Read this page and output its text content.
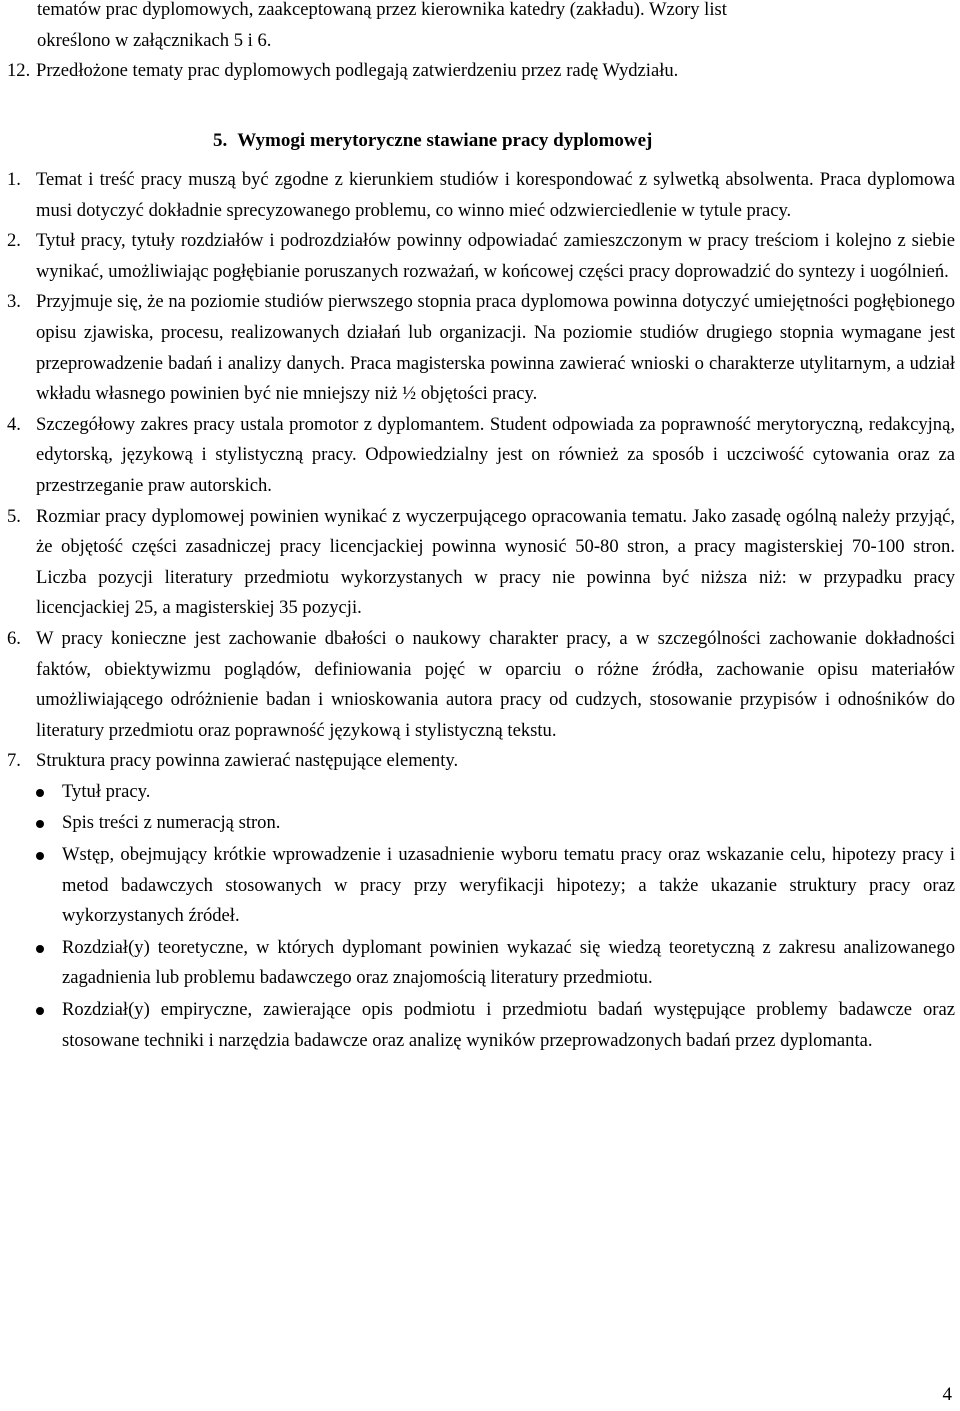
tematów prac dyplomowych, zaakceptowaną przez kierownika katedry (zakładu). Wzory list
określono w załącznikach 5 i 6.

12. Przedłożone tematy prac dyplomowych podlegają zatwierdzeniu przez radę Wydziału.

5. Wymogi merytoryczne stawiane pracy dyplomowej
1. Temat i treść pracy muszą być zgodne z kierunkiem studiów i korespondować z sylwetką absolwenta. Praca dyplomowa musi dotyczyć dokładnie sprecyzowanego problemu, co winno mieć odzwierciedlenie w tytule pracy.
2. Tytuł pracy, tytuły rozdziałów i podrozdziałów powinny odpowiadać zamieszczonym w pracy treściom i kolejno z siebie wynikać, umożliwiając pogłębianie poruszanych rozważań, w końcowej części pracy doprowadzić do syntezy i uogólnień.
3. Przyjmuje się, że na poziomie studiów pierwszego stopnia praca dyplomowa powinna dotyczyć umiejętności pogłębionego opisu zjawiska, procesu, realizowanych działań lub organizacji. Na poziomie studiów drugiego stopnia wymagane jest przeprowadzenie badań i analizy danych. Praca magisterska powinna zawierać wnioski o charakterze utylitarnym, a udział wkładu własnego powinien być nie mniejszy niż ½ objętości pracy.
4. Szczegółowy zakres pracy ustala promotor z dyplomantem. Student odpowiada za poprawność merytoryczną, redakcyjną, edytorską, językową i stylistyczną pracy. Odpowiedzialny jest on również za sposób i uczciwość cytowania oraz za przestrzeganie praw autorskich.
5. Rozmiar pracy dyplomowej powinien wynikać z wyczerpującego opracowania tematu. Jako zasadę ogólną należy przyjąć, że objętość części zasadniczej pracy licencjackiej powinna wynosić 50-80 stron, a pracy magisterskiej 70-100 stron. Liczba pozycji literatury przedmiotu wykorzystanych w pracy nie powinna być niższa niż: w przypadku pracy licencjackiej 25, a magisterskiej 35 pozycji.
6. W pracy konieczne jest zachowanie dbałości o naukowy charakter pracy, a w szczególności zachowanie dokładności faktów, obiektywizmu poglądów, definiowania pojęć w oparciu o różne źródła, zachowanie opisu materiałów umożliwiającego odróżnienie badan i wnioskowania autora pracy od cudzych, stosowanie przypisów i odnośników do literatury przedmiotu oraz poprawność językową i stylistyczną tekstu.
7. Struktura pracy powinna zawierać następujące elementy.
Tytuł pracy.
Spis treści z numeracją stron.
Wstęp, obejmujący krótkie wprowadzenie i uzasadnienie wyboru tematu pracy oraz wskazanie celu, hipotezy pracy i metod badawczych stosowanych w pracy przy weryfikacji hipotezy; a także ukazanie struktury pracy oraz wykorzystanych źródeł.
Rozdział(y) teoretyczne, w których dyplomant powinien wykazać się wiedzą teoretyczną z zakresu analizowanego zagadnienia lub problemu badawczego oraz znajomością literatury przedmiotu.
Rozdział(y) empiryczne, zawierające opis podmiotu i przedmiotu badań występujące problemy badawcze oraz stosowane techniki i narzędzia badawcze oraz analizę wyników przeprowadzonych badań przez dyplomanta.

4
